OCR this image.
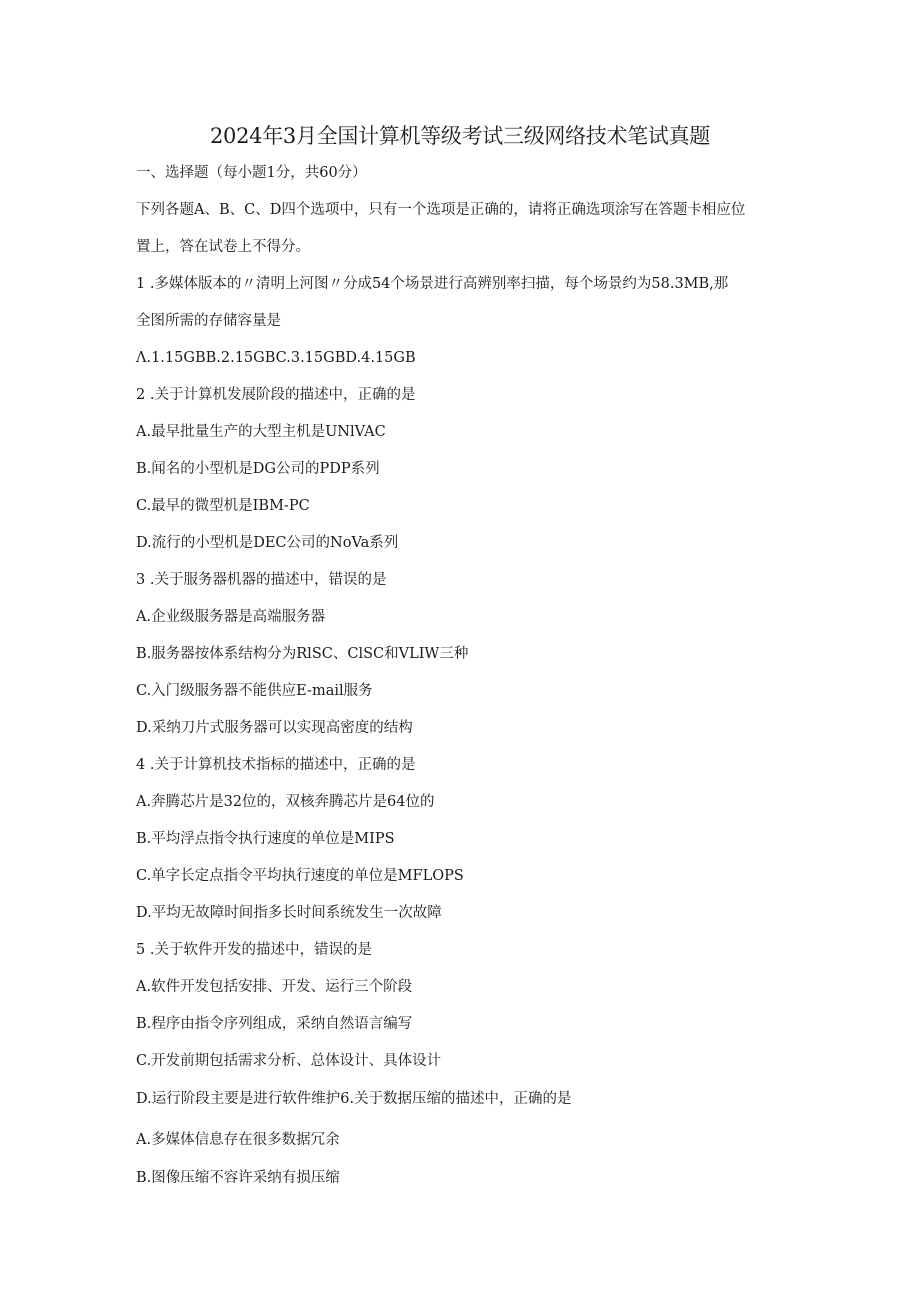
2024年3月全国计算机等级考试三级网络技术笔试真题
一、选择题（每小题1分，共60分）
下列各题A、B、C、D四个选项中，只有一个选项是正确的，请将正确选项涂写在答题卡相应位
置上，答在试卷上不得分。
1 .多媒体版本的〃清明上河图〃分成54个场景进行高辨别率扫描，每个场景约为58.3MB,那
全图所需的存储容量是
Λ.1.15GBB.2.15GBC.3.15GBD.4.15GB
2 .关于计算机发展阶段的描述中，正确的是
A.最早批量生产的大型主机是UNlVAC
B.闻名的小型机是DG公司的PDP系列
C.最早的微型机是IBM-PC
D.流行的小型机是DEC公司的NoVa系列
3 .关于服务器机器的描述中，错误的是
A.企业级服务器是高端服务器
B.服务器按体系结构分为RlSC、ClSC和VLIW三种
C.入门级服务器不能供应E-mail服务
D.采纳刀片式服务器可以实现高密度的结构
4 .关于计算机技术指标的描述中，正确的是
A.奔腾芯片是32位的，双核奔腾芯片是64位的
B.平均浮点指令执行速度的单位是MIPS
C.单字长定点指令平均执行速度的单位是MFLOPS
D.平均无故障时间指多长时间系统发生一次故障
5 .关于软件开发的描述中，错误的是
A.软件开发包括安排、开发、运行三个阶段
B.程序由指令序列组成，采纳自然语言编写
C.开发前期包括需求分析、总体设计、具体设计
D.运行阶段主要是进行软件维护6.关于数据压缩的描述中，正确的是
A.多媒体信息存在很多数据冗余
B.图像压缩不容许采纳有损压缩
